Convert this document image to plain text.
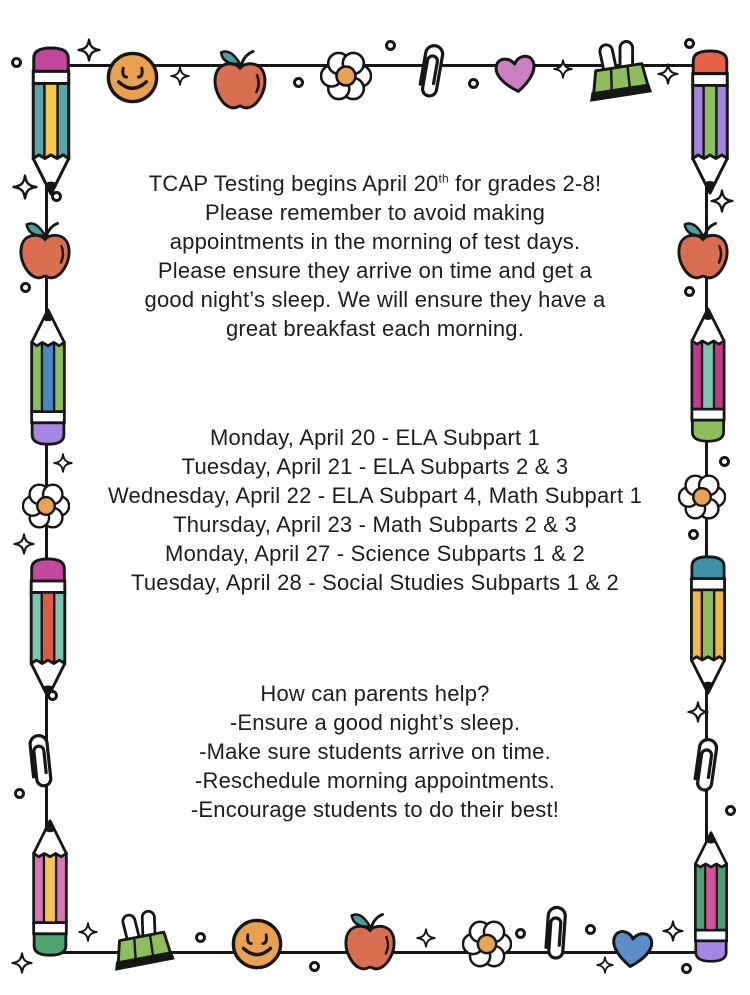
TCAP Testing begins April 20th for grades 2-8!
Please remember to avoid making
appointments in the morning of test days.
Please ensure they arrive on time and get a
good night’s sleep. We will ensure they have a
great breakfast each morning.
Monday, April 20 - ELA Subpart 1
Tuesday, April 21 - ELA Subparts 2 & 3
Wednesday, April 22 - ELA Subpart 4, Math Subpart 1
Thursday, April 23 - Math Subparts 2 & 3
Monday, April 27 - Science Subparts 1 & 2
Tuesday, April 28 - Social Studies Subparts 1 & 2
How can parents help?
-Ensure a good night’s sleep.
-Make sure students arrive on time.
-Reschedule morning appointments.
-Encourage students to do their best!
